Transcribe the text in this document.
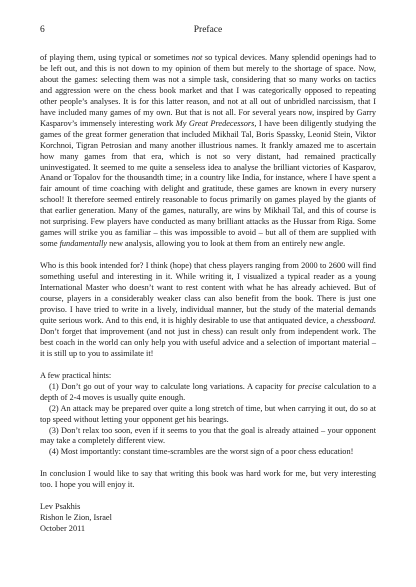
6	Preface

of playing them, using typical or sometimes not so typical devices. Many splendid openings had to be left out, and this is not down to my opinion of them but merely to the shortage of space. Now, about the games: selecting them was not a simple task, considering that so many works on tactics and aggression were on the chess book market and that I was categorically opposed to repeating other people’s analyses. It is for this latter reason, and not at all out of unbridled narcissism, that I have included many games of my own. But that is not all. For several years now, inspired by Garry Kasparov’s immensely interesting work My Great Predecessors, I have been diligently studying the games of the great former generation that included Mikhail Tal, Boris Spassky, Leonid Stein, Viktor Korchnoi, Tigran Petrosian and many another illustrious names. It frankly amazed me to ascertain how many games from that era, which is not so very distant, had remained practically uninvestigated. It seemed to me quite a senseless idea to analyse the brilliant victories of Kasparov, Anand or Topalov for the thousandth time; in a country like India, for instance, where I have spent a fair amount of time coaching with delight and gratitude, these games are known in every nursery school! It therefore seemed entirely reasonable to focus primarily on games played by the giants of that earlier generation. Many of the games, naturally, are wins by Mikhail Tal, and this of course is not surprising. Few players have conducted as many brilliant attacks as the Hussar from Riga. Some games will strike you as familiar – this was impossible to avoid – but all of them are supplied with some fundamentally new analysis, allowing you to look at them from an entirely new angle.

Who is this book intended for? I think (hope) that chess players ranging from 2000 to 2600 will find something useful and interesting in it. While writing it, I visualized a typical reader as a young International Master who doesn’t want to rest content with what he has already achieved. But of course, players in a considerably weaker class can also benefit from the book. There is just one proviso. I have tried to write in a lively, individual manner, but the study of the material demands quite serious work. And to this end, it is highly desirable to use that antiquated device, a chessboard. Don’t forget that improvement (and not just in chess) can result only from independent work. The best coach in the world can only help you with useful advice and a selection of important material – it is still up to you to assimilate it!

A few practical hints:

(1) Don’t go out of your way to calculate long variations. A capacity for precise calculation to a depth of 2-4 moves is usually quite enough.

(2) An attack may be prepared over quite a long stretch of time, but when carrying it out, do so at top speed without letting your opponent get his bearings.

(3) Don’t relax too soon, even if it seems to you that the goal is already attained – your opponent may take a completely different view.

(4) Most importantly: constant time-scrambles are the worst sign of a poor chess education!

In conclusion I would like to say that writing this book was hard work for me, but very interesting too. I hope you will enjoy it.

Lev Psakhis

Rishon le Zion, Israel

October 2011
